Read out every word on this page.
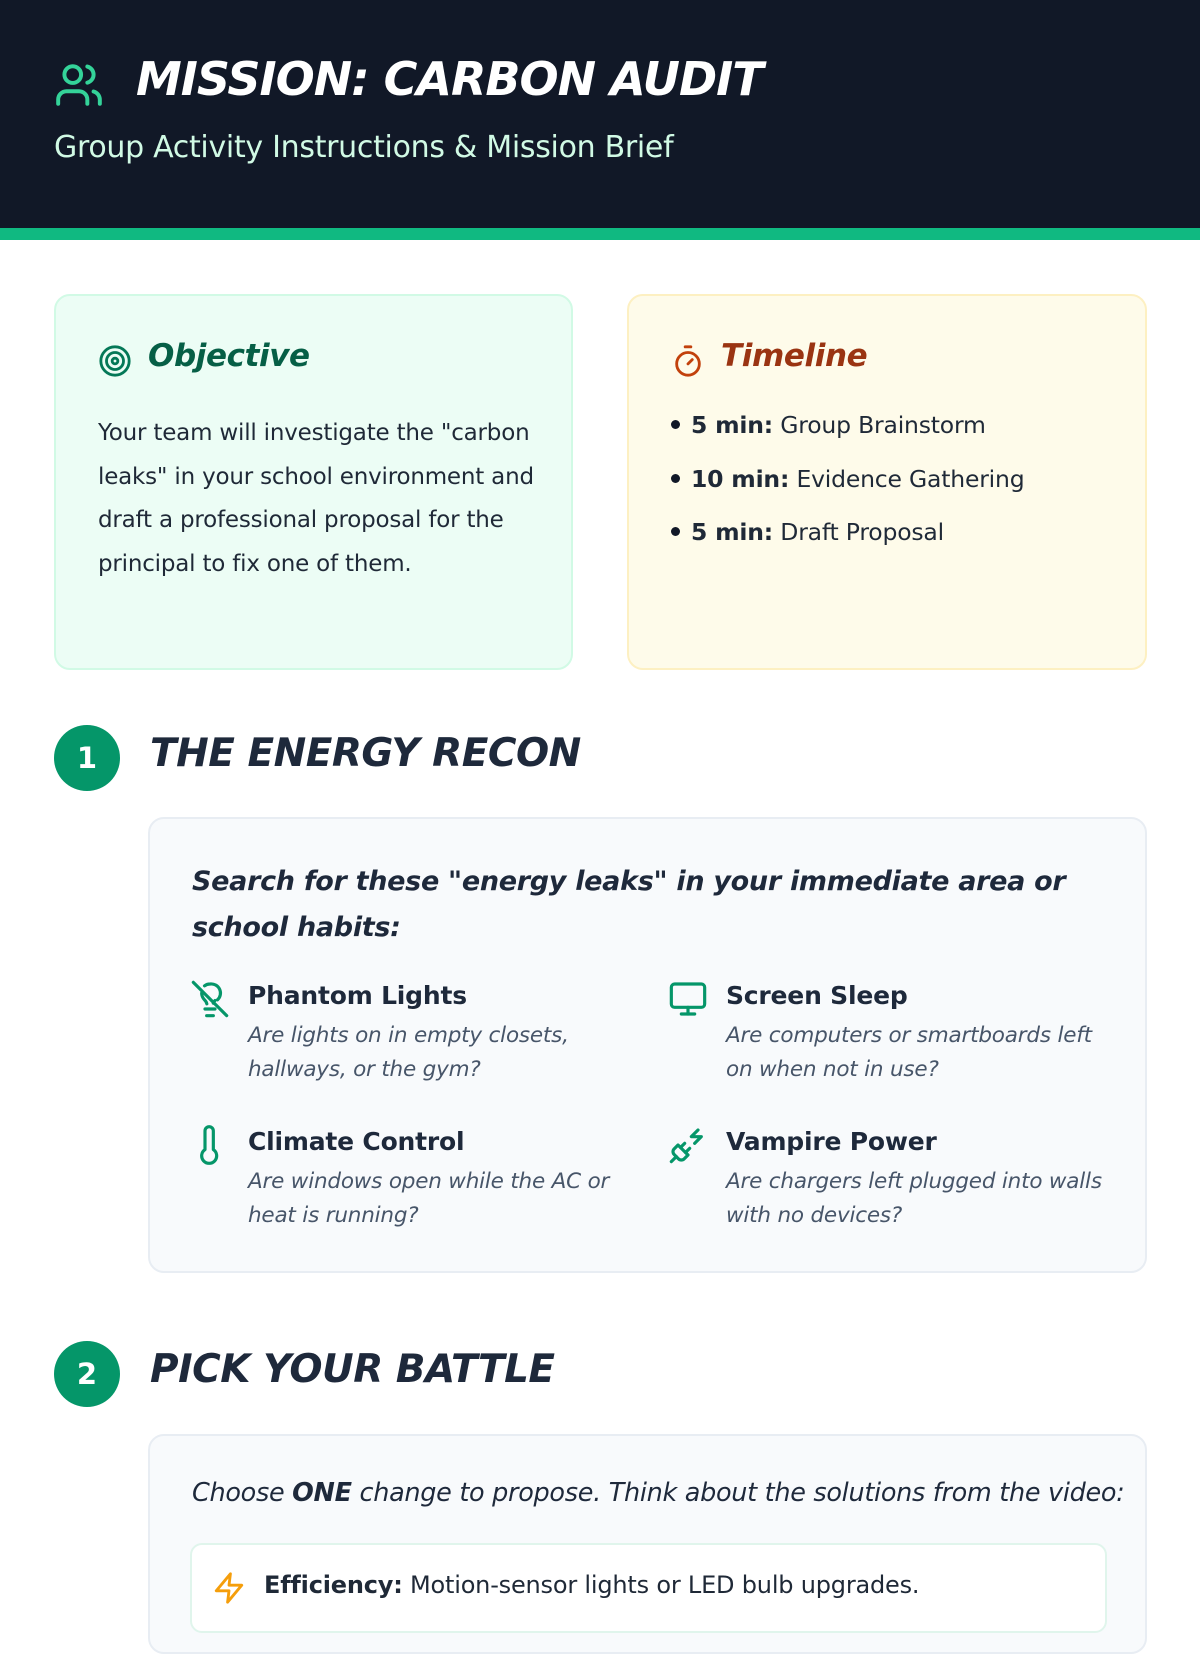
MISSION: CARBON AUDIT
Group Activity Instructions & Mission Brief
Objective

Your team will investigate the "carbon leaks" in your school environment and draft a professional proposal for the principal to fix one of them.

Timeline
5 min: Group Brainstorm
10 min: Evidence Gathering
5 min: Draft Proposal
1	THE ENERGY RECON

Search for these "energy leaks" in your immediate area or school habits:

Phantom Lights
Are lights on in empty closets, hallways, or the gym?
Screen Sleep
Are computers or smartboards left on when not in use?
Climate Control
Are windows open while the AC or heat is running?
Vampire Power
Are chargers left plugged into walls with no devices?
2	PICK YOUR BATTLE

Choose ONE change to propose. Think about the solutions from the video:

Efficiency: Motion-sensor lights or LED bulb upgrades.
